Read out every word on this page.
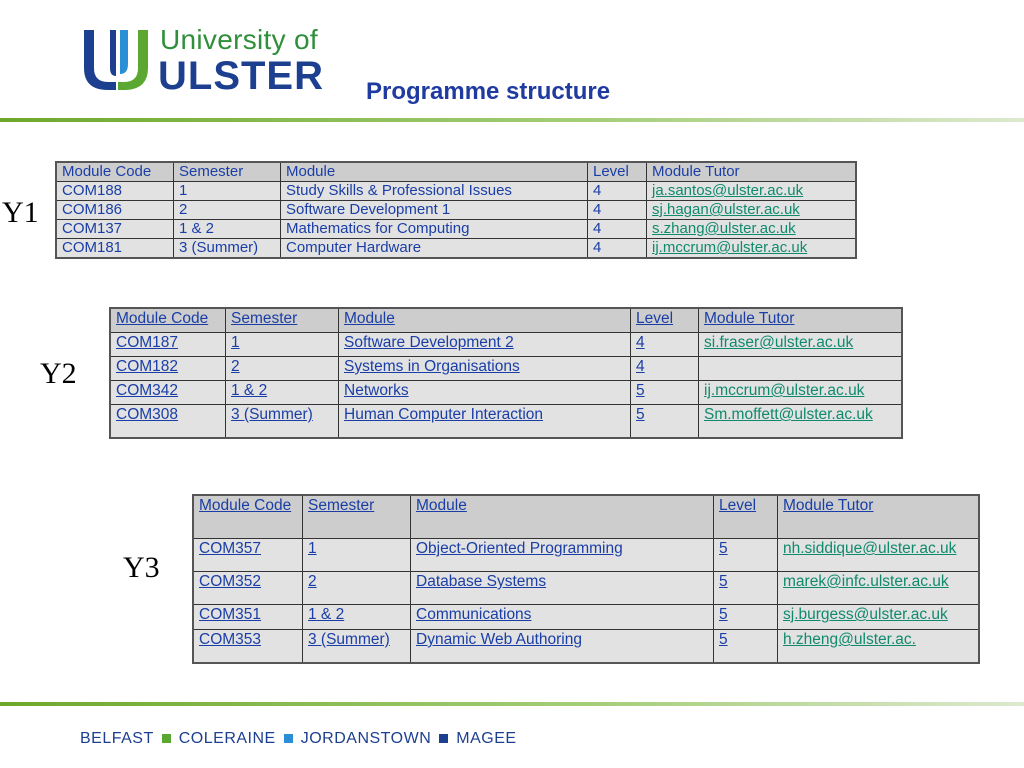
University of
ULSTER Programme structure
Y1
Y2
Y3
Module Code	Semester	Module	Level	Module Tutor
COM188	1	Study Skills & Professional Issues	4	ja.santos@ulster.ac.uk
COM186	2	Software Development 1	4	sj.hagan@ulster.ac.uk
COM137	1 & 2	Mathematics for Computing	4	s.zhang@ulster.ac.uk
COM181	3 (Summer)	Computer Hardware	4	ij.mccrum@ulster.ac.uk
Module Code	Semester	Module	Level	Module Tutor
COM187	1	Software Development 2	4	si.fraser@ulster.ac.uk
COM182	2	Systems in Organisations	4	
COM342	1 & 2	Networks	5	ij.mccrum@ulster.ac.uk
COM308	3 (Summer)	Human Computer Interaction	5	Sm.moffett@ulster.ac.uk
Module Code	Semester	Module	Level	Module Tutor
COM357	1	Object-Oriented Programming	5	nh.siddique@ulster.ac.uk
COM352	2	Database Systems	5	marek@infc.ulster.ac.uk
COM351	1 & 2	Communications	5	sj.burgess@ulster.ac.uk
COM353	3 (Summer)	Dynamic Web Authoring	5	h.zheng@ulster.ac.
BELFAST COLERAINE JORDANSTOWN MAGEE
